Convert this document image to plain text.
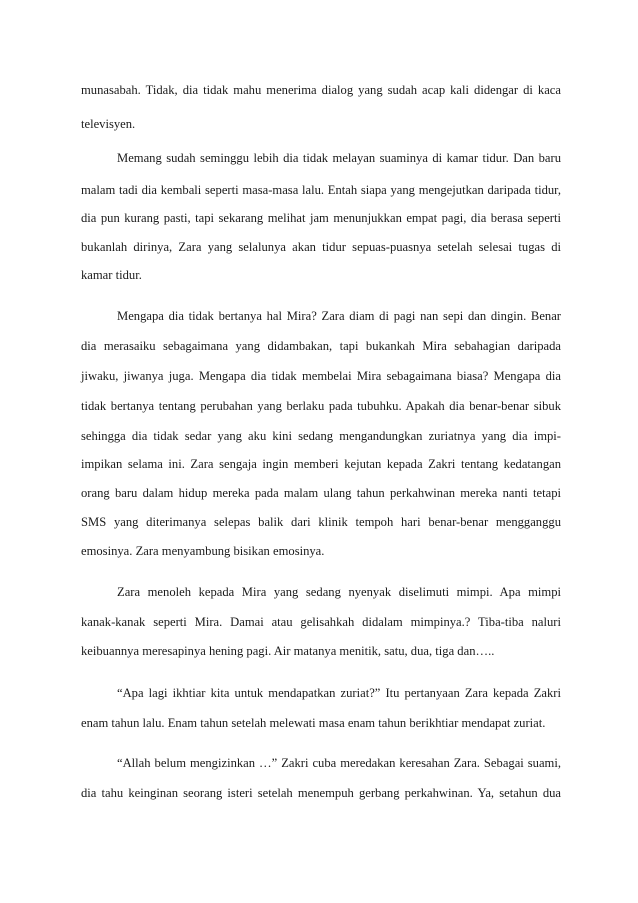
munasabah. Tidak, dia tidak mahu menerima dialog yang sudah acap kali didengar di kaca
televisyen.
Memang sudah seminggu lebih dia tidak melayan suaminya di kamar tidur. Dan baru
malam tadi dia kembali seperti masa-masa lalu. Entah siapa yang mengejutkan daripada tidur,
dia pun kurang pasti, tapi sekarang melihat jam menunjukkan empat pagi, dia berasa seperti
bukanlah dirinya, Zara yang selalunya akan tidur sepuas-puasnya setelah selesai tugas di
kamar tidur.
Mengapa dia tidak bertanya hal Mira? Zara diam di pagi nan sepi dan dingin. Benar
dia merasaiku sebagaimana yang didambakan, tapi bukankah Mira sebahagian daripada
jiwaku, jiwanya juga. Mengapa dia tidak membelai Mira sebagaimana biasa? Mengapa dia
tidak bertanya tentang perubahan yang berlaku pada tubuhku. Apakah dia benar-benar sibuk
sehingga dia tidak sedar yang aku kini sedang mengandungkan zuriatnya yang dia impi-
impikan selama ini. Zara sengaja ingin memberi kejutan kepada Zakri tentang kedatangan
orang baru dalam hidup mereka pada malam ulang tahun perkahwinan mereka nanti tetapi
SMS yang diterimanya selepas balik dari klinik tempoh hari benar-benar mengganggu
emosinya. Zara menyambung bisikan emosinya.
Zara menoleh kepada Mira yang sedang nyenyak diselimuti mimpi. Apa mimpi
kanak-kanak seperti Mira. Damai atau gelisahkah didalam mimpinya.? Tiba-tiba naluri
keibuannya meresapinya hening pagi. Air matanya menitik, satu, dua, tiga dan…..
“Apa lagi ikhtiar kita untuk mendapatkan zuriat?” Itu pertanyaan Zara kepada Zakri
enam tahun lalu. Enam tahun setelah melewati masa enam tahun berikhtiar mendapat zuriat.
“Allah belum mengizinkan …” Zakri cuba meredakan keresahan Zara. Sebagai suami,
dia tahu keinginan seorang isteri setelah menempuh gerbang perkahwinan. Ya, setahun dua
